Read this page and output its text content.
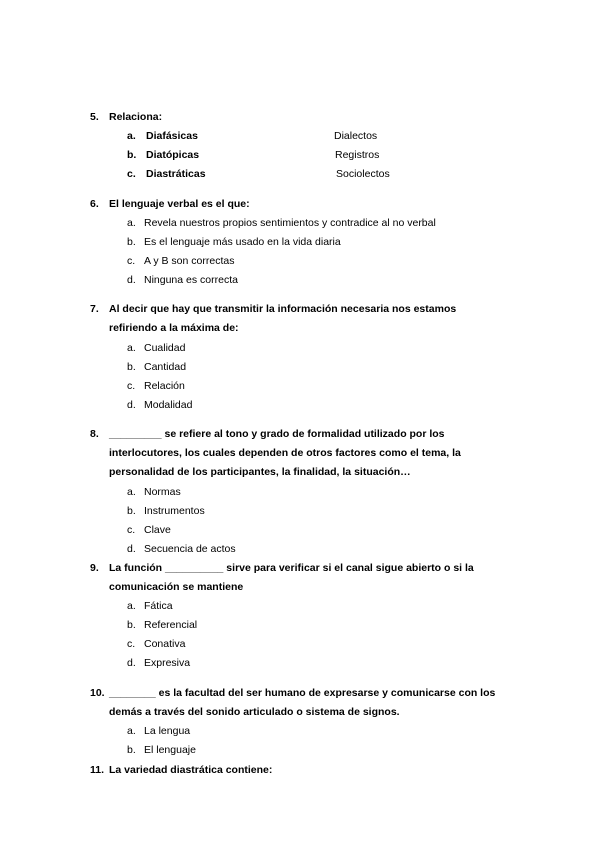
5. Relaciona:
a. Diafásicas	Dialectos
b. Diatópicas	Registros
c. Diastráticas	Sociolectos
6. El lenguaje verbal es el que:
a. Revela nuestros propios sentimientos y contradice al no verbal
b. Es el lenguaje más usado en la vida diaria
c. A y B son correctas
d. Ninguna es correcta
7. Al decir que hay que transmitir la información necesaria nos estamos
refiriendo a la máxima de:
a. Cualidad
b. Cantidad
c. Relación
d. Modalidad
8. _________ se refiere al tono y grado de formalidad utilizado por los
interlocutores, los cuales dependen de otros factores como el tema, la
personalidad de los participantes, la finalidad, la situación…
a. Normas
b. Instrumentos
c. Clave
d. Secuencia de actos
9. La función __________ sirve para verificar si el canal sigue abierto o si la
comunicación se mantiene
a. Fática
b. Referencial
c. Conativa
d. Expresiva
10. ________ es la facultad del ser humano de expresarse y comunicarse con los
demás a través del sonido articulado o sistema de signos.
a. La lengua
b. El lenguaje
11. La variedad diastrática contiene:
